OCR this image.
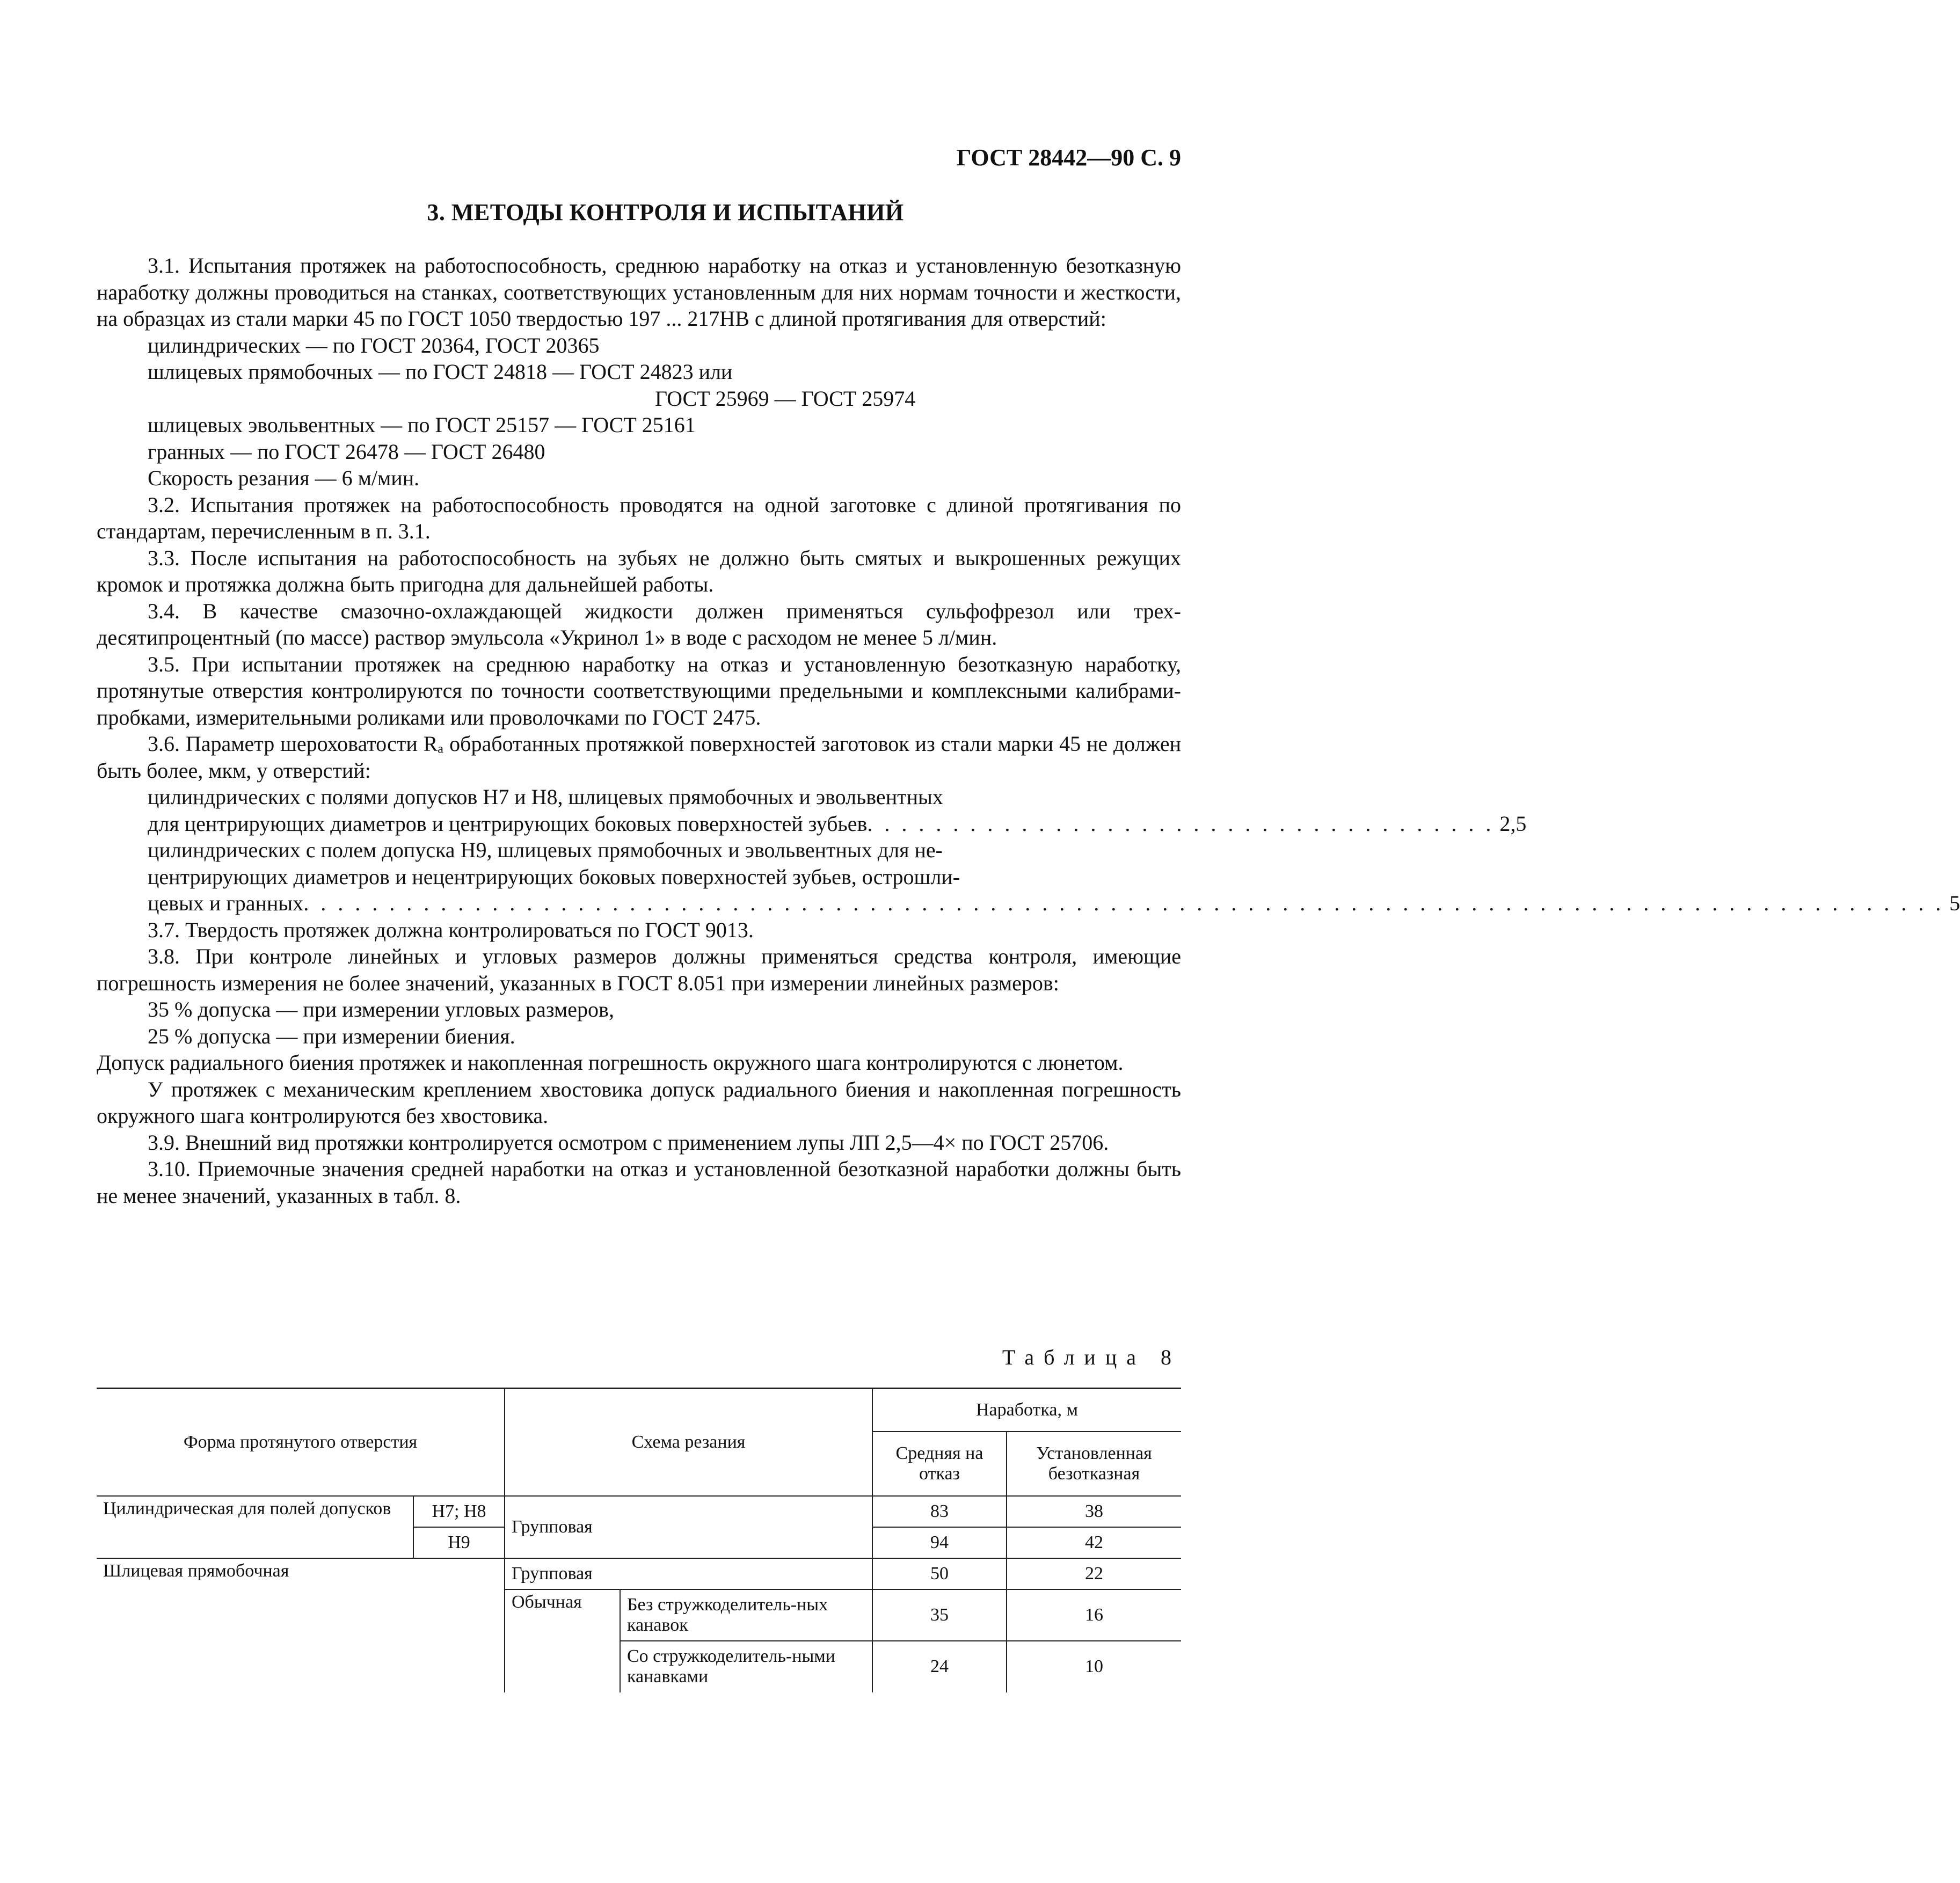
ГОСТ 28442—90 С. 9
3. МЕТОДЫ КОНТРОЛЯ И ИСПЫТАНИЙ

3.1. Испытания протяжек на работоспособность, среднюю наработку на отказ и установленную безотказную наработку должны проводиться на станках, соответствующих установленным для них нормам точности и жесткости, на образцах из стали марки 45 по ГОСТ 1050 твердостью 197 ... 217НВ с длиной протягивания для отверстий:

цилиндрических — по ГОСТ 20364, ГОСТ 20365

шлицевых прямобочных — по ГОСТ 24818 — ГОСТ 24823 или

ГОСТ 25969 — ГОСТ 25974

шлицевых эвольвентных — по ГОСТ 25157 — ГОСТ 25161

гранных — по ГОСТ 26478 — ГОСТ 26480

Скорость резания — 6 м/мин.

3.2. Испытания протяжек на работоспособность проводятся на одной заготовке с длиной протягивания по стандартам, перечисленным в п. 3.1.

3.3. После испытания на работоспособность на зубьях не должно быть смятых и выкрошенных режущих кромок и протяжка должна быть пригодна для дальнейшей работы.

3.4. В качестве смазочно-охлаждающей жидкости должен применяться сульфофрезол или трех-десятипроцентный (по массе) раствор эмульсола «Укринол 1» в воде с расходом не менее 5 л/мин.

3.5. При испытании протяжек на среднюю наработку на отказ и установленную безотказную наработку, протянутые отверстия контролируются по точности соответствующими предельными и комплексными калибрами-пробками, измерительными роликами или проволочками по ГОСТ 2475.

3.6. Параметр шероховатости Rₐ обработанных протяжкой поверхностей заготовок из стали марки 45 не должен быть более, мкм, у отверстий:

цилиндрических с полями допусков Н7 и Н8, шлицевых прямобочных и эвольвентных

для центрирующих диаметров и центрирующих боковых поверхностей зубьев . . . . . . . . . . . . . . . . . . . . . . . . . . . . . . . . . . . . . 2,5

цилиндрических с полем допуска Н9, шлицевых прямобочных и эвольвентных для не-

центрирующих диаметров и нецентрирующих боковых поверхностей зубьев, острошли-

цевых и гранных . . . . . . . . . . . . . . . . . . . . . . . . . . . . . . . . . . . . . . . . . . . . . . . . . . . . . . . . . . . . . . . . . . . . . . . . . . . . . . . . . . . . . . . . . . . . . . . . 5

3.7. Твердость протяжек должна контролироваться по ГОСТ 9013.

3.8. При контроле линейных и угловых размеров должны применяться средства контроля, имеющие погрешность измерения не более значений, указанных в ГОСТ 8.051 при измерении линейных размеров:

35 % допуска — при измерении угловых размеров,

25 % допуска — при измерении биения.

Допуск радиального биения протяжек и накопленная погрешность окружного шага контролируются с люнетом.

У протяжек с механическим креплением хвостовика допуск радиального биения и накопленная погрешность окружного шага контролируются без хвостовика.

3.9. Внешний вид протяжки контролируется осмотром с применением лупы ЛП 2,5—4× по ГОСТ 25706.

3.10. Приемочные значения средней наработки на отказ и установленной безотказной наработки должны быть не менее значений, указанных в табл. 8.

Таблица 8
Форма протянутого отверстия		Схема резания		Наработка, м	
				Средняя на отказ	Установленная безотказная
Цилиндрическая для полей допусков	Н7; Н8	Групповая		83	38
	Н9			94	42
Шлицевая прямобочная		Групповая		50	22
		Обычная	Без стружкоделитель-ных канавок	35	16
			Со стружкоделитель-ными канавками	24	10
